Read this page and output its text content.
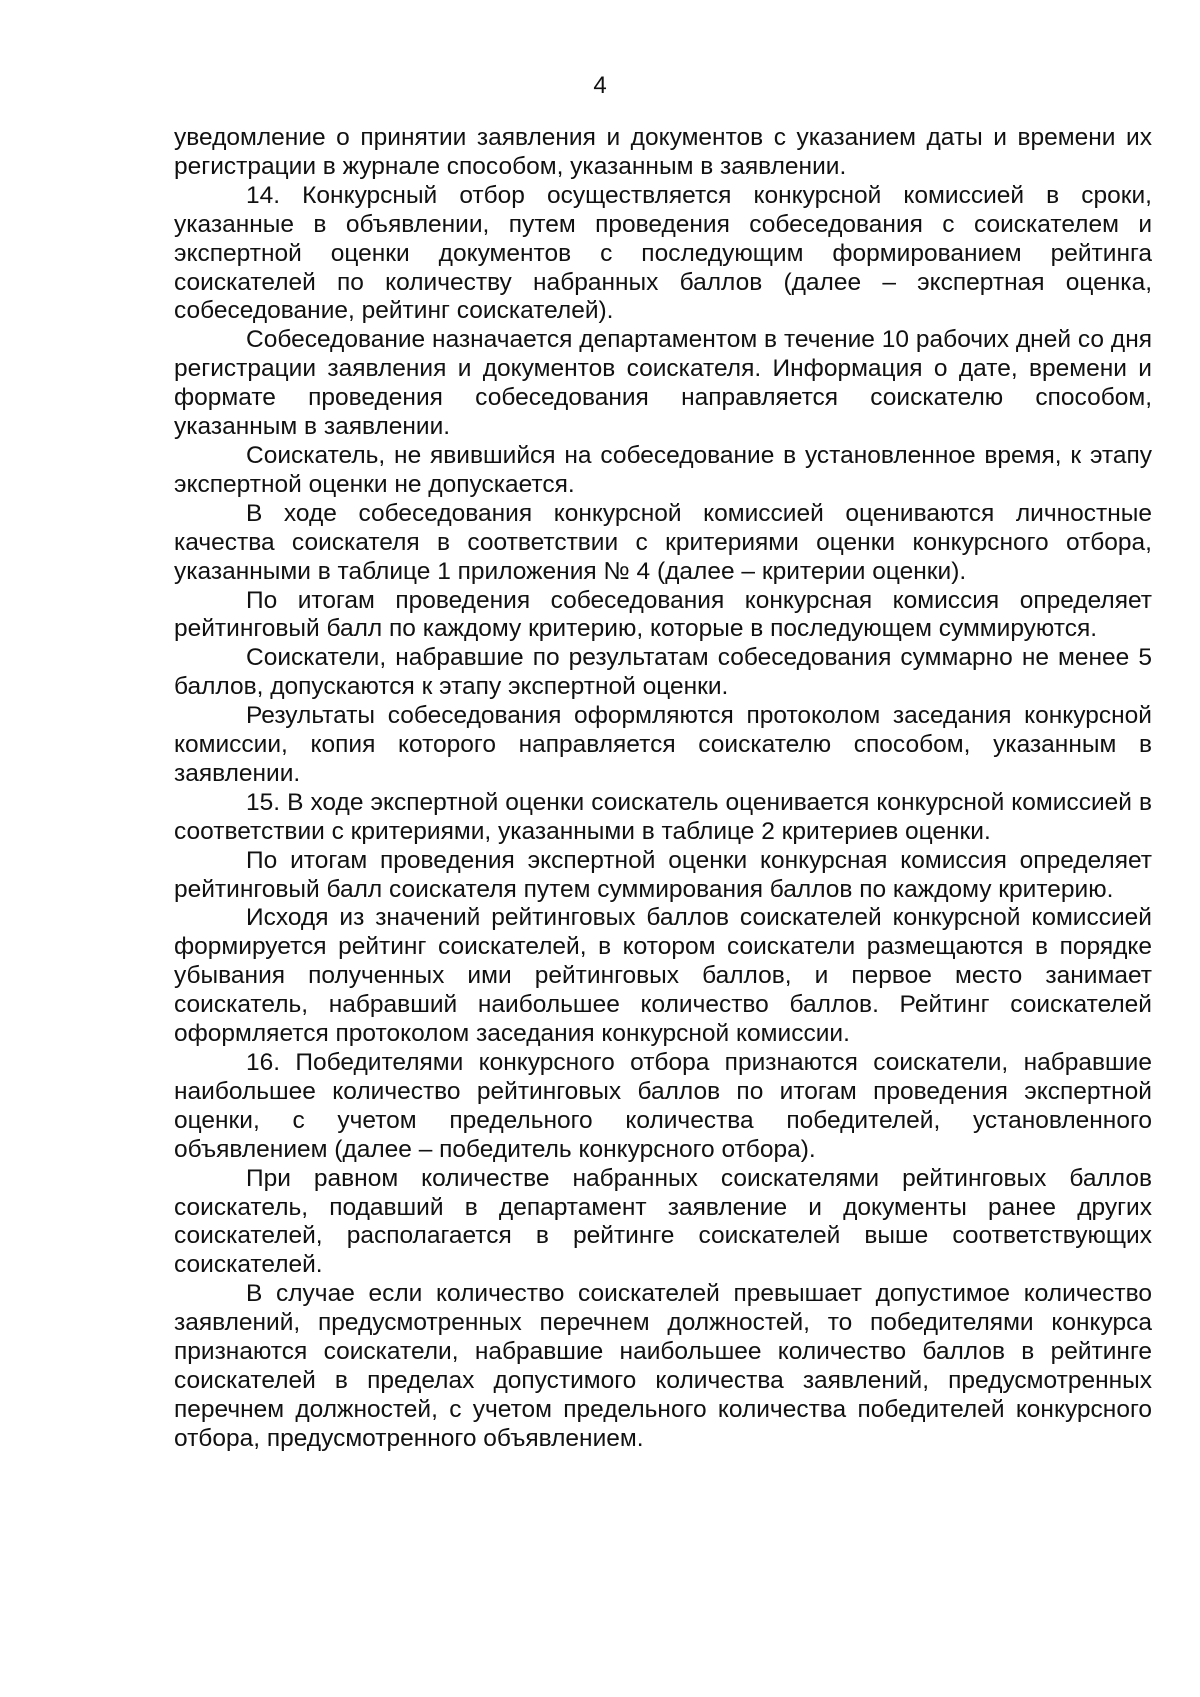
4

уведомление о принятии заявления и документов с указанием даты и времени их регистрации в журнале способом, указанным в заявлении.

14. Конкурсный отбор осуществляется конкурсной комиссией в сроки, указанные в объявлении, путем проведения собеседования с соискателем и экспертной оценки документов с последующим формированием рейтинга соискателей по количеству набранных баллов (далее – экспертная оценка, собеседование, рейтинг соискателей).

Собеседование назначается департаментом в течение 10 рабочих дней со дня регистрации заявления и документов соискателя. Информация о дате, времени и формате проведения собеседования направляется соискателю способом, указанным в заявлении.

Соискатель, не явившийся на собеседование в установленное время, к этапу экспертной оценки не допускается.

В ходе собеседования конкурсной комиссией оцениваются личностные качества соискателя в соответствии с критериями оценки конкурсного отбора, указанными в таблице 1 приложения № 4 (далее – критерии оценки).

По итогам проведения собеседования конкурсная комиссия определяет рейтинговый балл по каждому критерию, которые в последующем суммируются.

Соискатели, набравшие по результатам собеседования суммарно не менее 5 баллов, допускаются к этапу экспертной оценки.

Результаты собеседования оформляются протоколом заседания конкурсной комиссии, копия которого направляется соискателю способом, указанным в заявлении.

15. В ходе экспертной оценки соискатель оценивается конкурсной комиссией в соответствии с критериями, указанными в таблице 2 критериев оценки.

По итогам проведения экспертной оценки конкурсная комиссия определяет рейтинговый балл соискателя путем суммирования баллов по каждому критерию.

Исходя из значений рейтинговых баллов соискателей конкурсной комиссией формируется рейтинг соискателей, в котором соискатели размещаются в порядке убывания полученных ими рейтинговых баллов, и первое место занимает соискатель, набравший наибольшее количество баллов. Рейтинг соискателей оформляется протоколом заседания конкурсной комиссии.

16. Победителями конкурсного отбора признаются соискатели, набравшие наибольшее количество рейтинговых баллов по итогам проведения экспертной оценки, с учетом предельного количества победителей, установленного объявлением (далее – победитель конкурсного отбора).

При равном количестве набранных соискателями рейтинговых баллов соискатель, подавший в департамент заявление и документы ранее других соискателей, располагается в рейтинге соискателей выше соответствующих соискателей.

В случае если количество соискателей превышает допустимое количество заявлений, предусмотренных перечнем должностей, то победителями конкурса признаются соискатели, набравшие наибольшее количество баллов в рейтинге соискателей в пределах допустимого количества заявлений, предусмотренных перечнем должностей, с учетом предельного количества победителей конкурсного отбора, предусмотренного объявлением.
